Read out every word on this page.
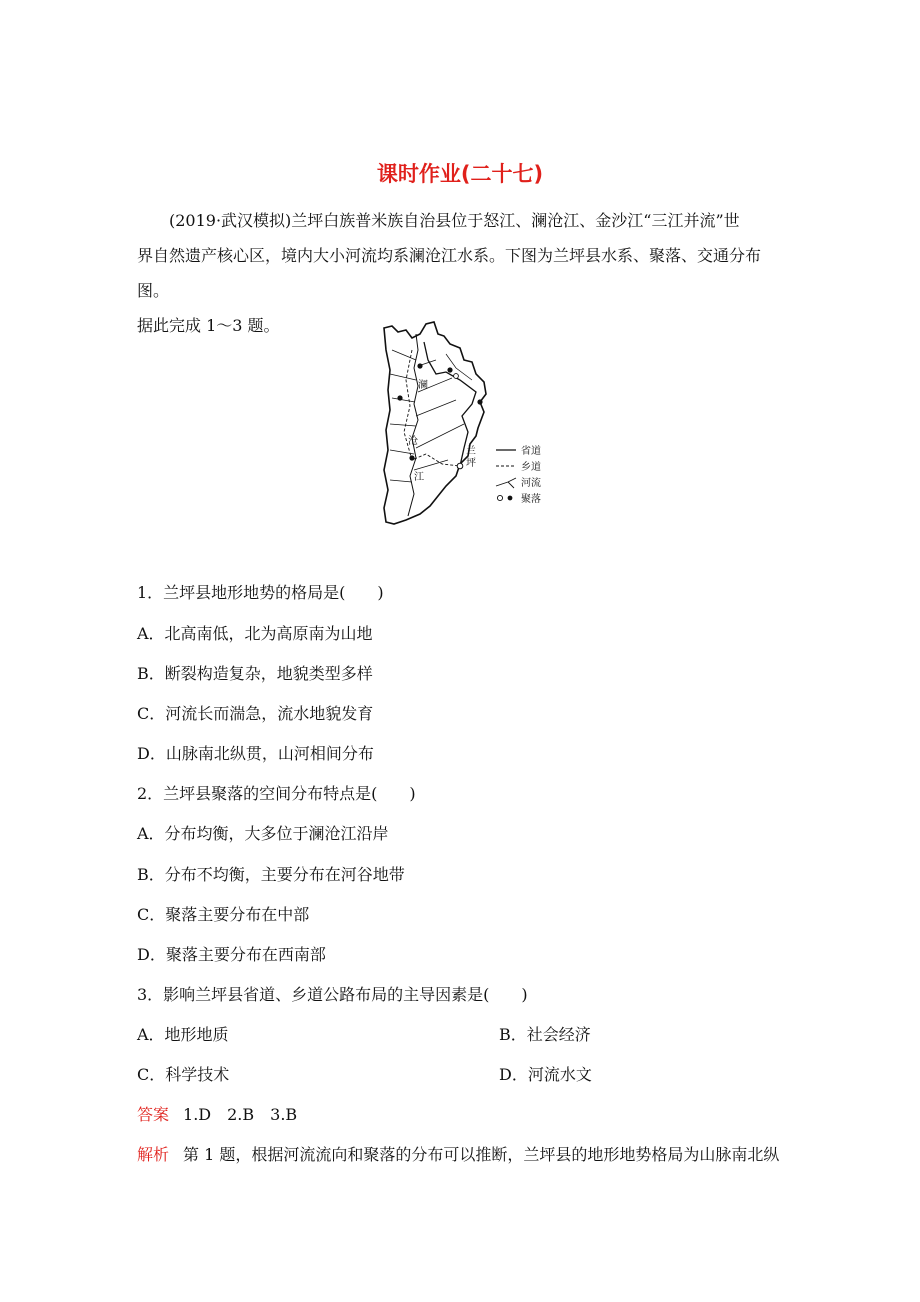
课时作业(二十七)

(2019·武汉模拟)兰坪白族普米族自治县位于怒江、澜沧江、金沙江“三江并流”世

界自然遗产核心区，境内大小河流均系澜沧江水系。下图为兰坪县水系、聚落、交通分布图。

据此完成 1～3 题。

澜
沧
江
兰
坪
省道
乡道
河流
聚落

1．兰坪县地形地势的格局是(　　)

A．北高南低，北为高原南为山地
B．断裂构造复杂，地貌类型多样
C．河流长而湍急，流水地貌发育
D．山脉南北纵贯，山河相间分布

2．兰坪县聚落的空间分布特点是(　　)

A．分布均衡，大多位于澜沧江沿岸
B．分布不均衡，主要分布在河谷地带
C．聚落主要分布在中部
D．聚落主要分布在西南部

3．影响兰坪县省道、乡道公路布局的主导因素是(　　)

A．地形地质	B．社会经济
C．科学技术	D．河流水文
答案 1.D　2.B　3.B
解析 第 1 题，根据河流流向和聚落的分布可以推断，兰坪县的地形地势格局为山脉南北纵
